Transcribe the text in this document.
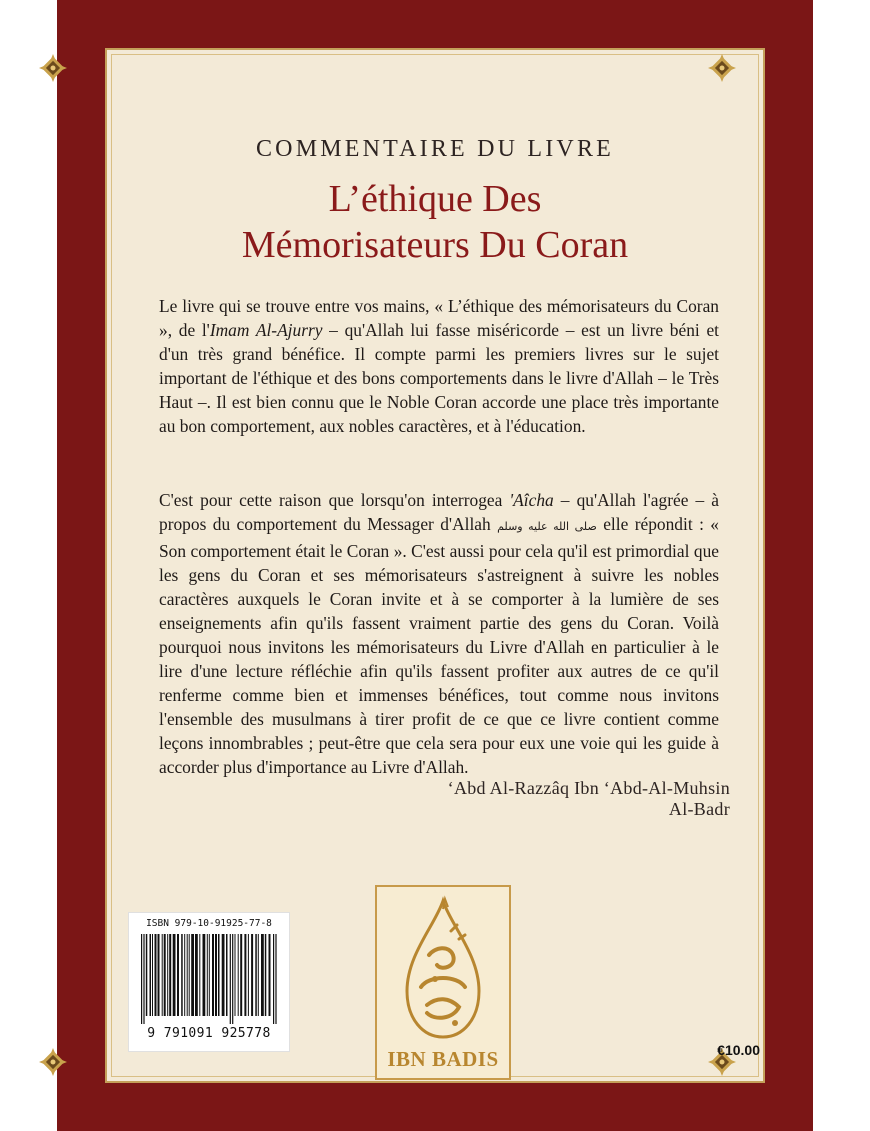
COMMENTAIRE DU LIVRE
L’éthique Des
Mémorisateurs Du Coran

Le livre qui se trouve entre vos mains, « L’éthique des mémorisateurs du Coran », de l'Imam Al-Ajurry – qu'Allah lui fasse miséricorde – est un livre béni et d'un très grand bénéfice. Il compte parmi les premiers livres sur le sujet important de l'éthique et des bons comportements dans le livre d'Allah – le Très Haut –. Il est bien connu que le Noble Coran accorde une place très importante au bon comportement, aux nobles caractères, et à l'éducation.

C'est pour cette raison que lorsqu'on interrogea 'Aîcha – qu'Allah l'agrée – à propos du comportement du Messager d'Allah صلى الله عليه وسلم elle répondit : « Son comportement était le Coran ». C'est aussi pour cela qu'il est primordial que les gens du Coran et ses mémorisateurs s'astreignent à suivre les nobles caractères auxquels le Coran invite et à se comporter à la lumière de ses enseignements afin qu'ils fassent vraiment partie des gens du Coran. Voilà pourquoi nous invitons les mémorisateurs du Livre d'Allah en particulier à le lire d'une lecture réfléchie afin qu'ils fassent profiter aux autres de ce qu'il renferme comme bien et immenses bénéfices, tout comme nous invitons l'ensemble des musulmans à tirer profit de ce que ce livre contient comme leçons innombrables ; peut-être que cela sera pour eux une voie qui les guide à accorder plus d'importance au Livre d'Allah.

‘Abd Al-Razzâq Ibn ‘Abd-Al-Muhsin Al-Badr
ISBN 979-10-91925-77-8
9 791091 925778
IBN BADIS	€10.00
